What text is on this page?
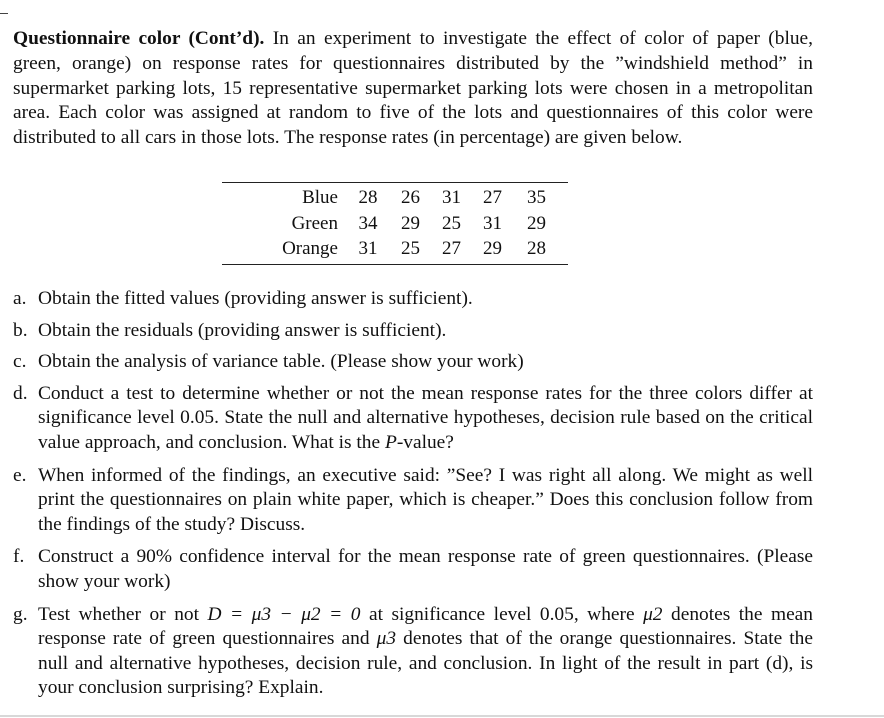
Questionnaire color (Cont’d). In an experiment to investigate the effect of color of paper (blue, green, orange) on response rates for questionnaires distributed by the ”windshield method” in supermarket parking lots, 15 representative supermarket parking lots were chosen in a metropolitan area. Each color was assigned at random to five of the lots and questionnaires of this color were distributed to all cars in those lots. The response rates (in percentage) are given below.

Blue	28	26	31	27	35
Green	34	29	25	31	29
Orange	31	25	27	29	28
a. Obtain the fitted values (providing answer is sufficient).
b. Obtain the residuals (providing answer is sufficient).
c. Obtain the analysis of variance table. (Please show your work)
d. Conduct a test to determine whether or not the mean response rates for the three colors differ at significance level 0.05. State the null and alternative hypotheses, decision rule based on the critical value approach, and conclusion. What is the P-value?
e. When informed of the findings, an executive said: ”See? I was right all along. We might as well print the questionnaires on plain white paper, which is cheaper.” Does this conclusion follow from the findings of the study? Discuss.
f. Construct a 90% confidence interval for the mean response rate of green questionnaires. (Please show your work)
g. Test whether or not D = μ3 − μ2 = 0 at significance level 0.05, where μ2 denotes the mean response rate of green questionnaires and μ3 denotes that of the orange questionnaires. State the null and alternative hypotheses, decision rule, and conclusion. In light of the result in part (d), is your conclusion surprising? Explain.
